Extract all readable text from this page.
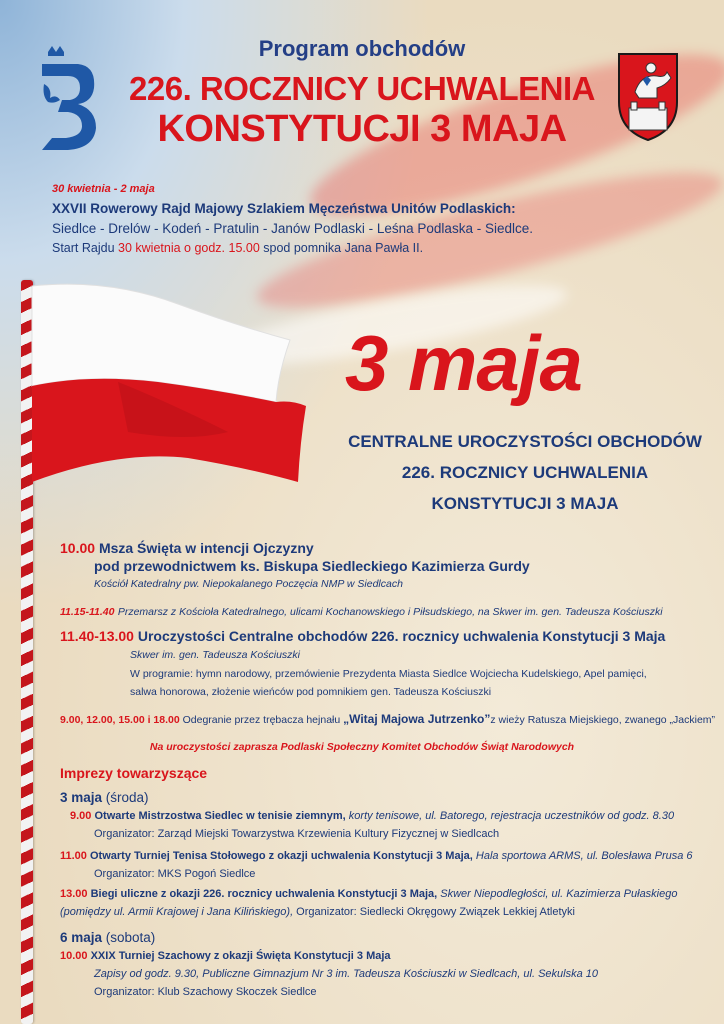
Program obchodów
226. ROCZNICY UCHWALENIA
KONSTYTUCJI 3 MAJA
30 kwietnia - 2 maja
XXVII Rowerowy Rajd Majowy Szlakiem Męczeństwa Unitów Podlaskich:
Siedlce - Drelów - Kodeń - Pratulin - Janów Podlaski - Leśna Podlaska - Siedlce.
Start Rajdu 30 kwietnia o godz. 15.00 spod pomnika Jana Pawła II.
3 maja
CENTRALNE UROCZYSTOŚCI OBCHODÓW
226. ROCZNICY UCHWALENIA
KONSTYTUCJI 3 MAJA
10.00 Msza Święta w intencji Ojczyzny
pod przewodnictwem ks. Biskupa Siedleckiego Kazimierza Gurdy
Kościół Katedralny pw. Niepokalanego Poczęcia NMP w Siedlcach
11.15-11.40 Przemarsz z Kościoła Katedralnego, ulicami Kochanowskiego i Piłsudskiego, na Skwer im. gen. Tadeusza Kościuszki
11.40-13.00 Uroczystości Centralne obchodów 226. rocznicy uchwalenia Konstytucji 3 Maja
Skwer im. gen. Tadeusza Kościuszki
W programie: hymn narodowy, przemówienie Prezydenta Miasta Siedlce Wojciecha Kudelskiego, Apel pamięci,
salwa honorowa, złożenie wieńców pod pomnikiem gen. Tadeusza Kościuszki
9.00, 12.00, 15.00 i 18.00 Odegranie przez trębacza hejnału „Witaj Majowa Jutrzenko”z wieży Ratusza Miejskiego, zwanego „Jackiem”
Na uroczystości zaprasza Podlaski Społeczny Komitet Obchodów Świąt Narodowych
Imprezy towarzyszące
3 maja (środa)
9.00 Otwarte Mistrzostwa Siedlec w tenisie ziemnym, korty tenisowe, ul. Batorego, rejestracja uczestników od godz. 8.30
Organizator: Zarząd Miejski Towarzystwa Krzewienia Kultury Fizycznej w Siedlcach
11.00 Otwarty Turniej Tenisa Stołowego z okazji uchwalenia Konstytucji 3 Maja, Hala sportowa ARMS, ul. Bolesława Prusa 6
Organizator: MKS Pogoń Siedlce
13.00 Biegi uliczne z okazji 226. rocznicy uchwalenia Konstytucji 3 Maja, Skwer Niepodległości, ul. Kazimierza Pułaskiego
(pomiędzy ul. Armii Krajowej i Jana Kilińskiego), Organizator: Siedlecki Okręgowy Związek Lekkiej Atletyki
6 maja (sobota)
10.00 XXIX Turniej Szachowy z okazji Święta Konstytucji 3 Maja
Zapisy od godz. 9.30, Publiczne Gimnazjum Nr 3 im. Tadeusza Kościuszki w Siedlcach, ul. Sekulska 10
Organizator: Klub Szachowy Skoczek Siedlce
